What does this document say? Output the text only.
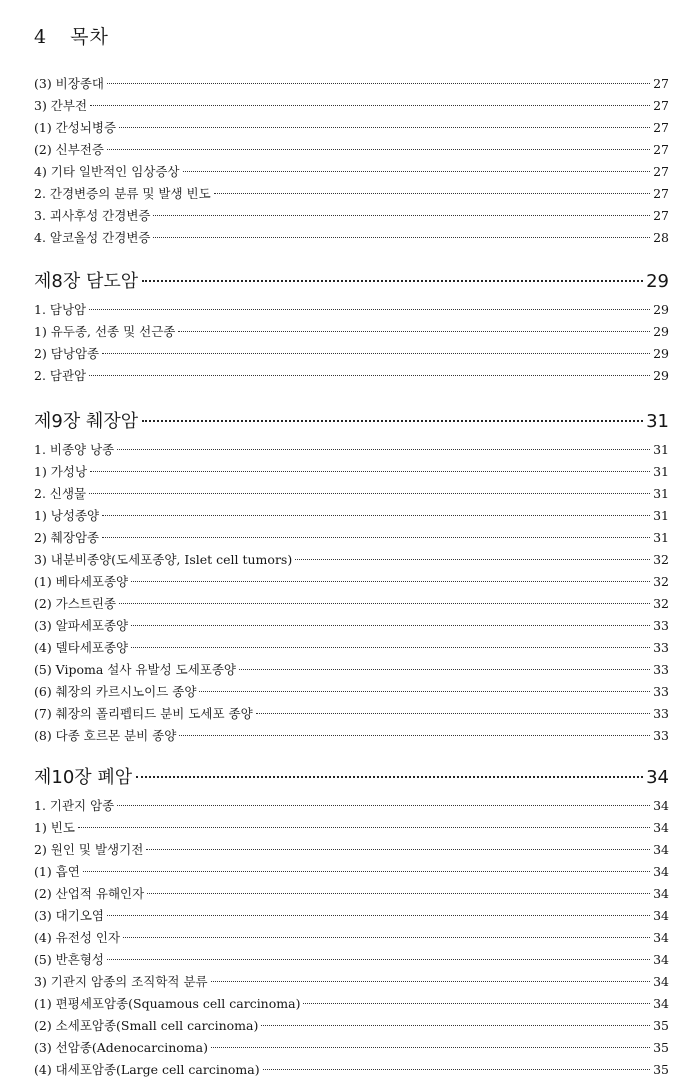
4 목차
(3) 비장종대	27
3) 간부전	27
(1) 간성뇌병증	27
(2) 신부전증	27
4) 기타 일반적인 임상증상	27
2. 간경변증의 분류 및 발생 빈도	27
3. 괴사후성 간경변증	27
4. 알코올성 간경변증	28
제8장 담도암	29
1. 담낭암	29
1) 유두종, 선종 및 선근종	29
2) 담낭암종	29
2. 담관암	29
제9장 췌장암	31
1. 비종양 낭종	31
1) 가성낭	31
2. 신생물	31
1) 낭성종양	31
2) 췌장암종	31
3) 내분비종양(도세포종양, Islet cell tumors)	32
(1) 베타세포종양	32
(2) 가스트린종	32
(3) 알파세포종양	33
(4) 델타세포종양	33
(5) Vipoma 설사 유발성 도세포종양	33
(6) 췌장의 카르시노이드 종양	33
(7) 췌장의 폴리펩티드 분비 도세포 종양	33
(8) 다종 호르몬 분비 종양	33
제10장 폐암	34
1. 기관지 암종	34
1) 빈도	34
2) 원인 및 발생기전	34
(1) 흡연	34
(2) 산업적 유해인자	34
(3) 대기오염	34
(4) 유전성 인자	34
(5) 반흔형성	34
3) 기관지 암종의 조직학적 분류	34
(1) 편평세포암종(Squamous cell carcinoma)	34
(2) 소세포암종(Small cell carcinoma)	35
(3) 선암종(Adenocarcinoma)	35
(4) 대세포암종(Large cell carcinoma)	35
